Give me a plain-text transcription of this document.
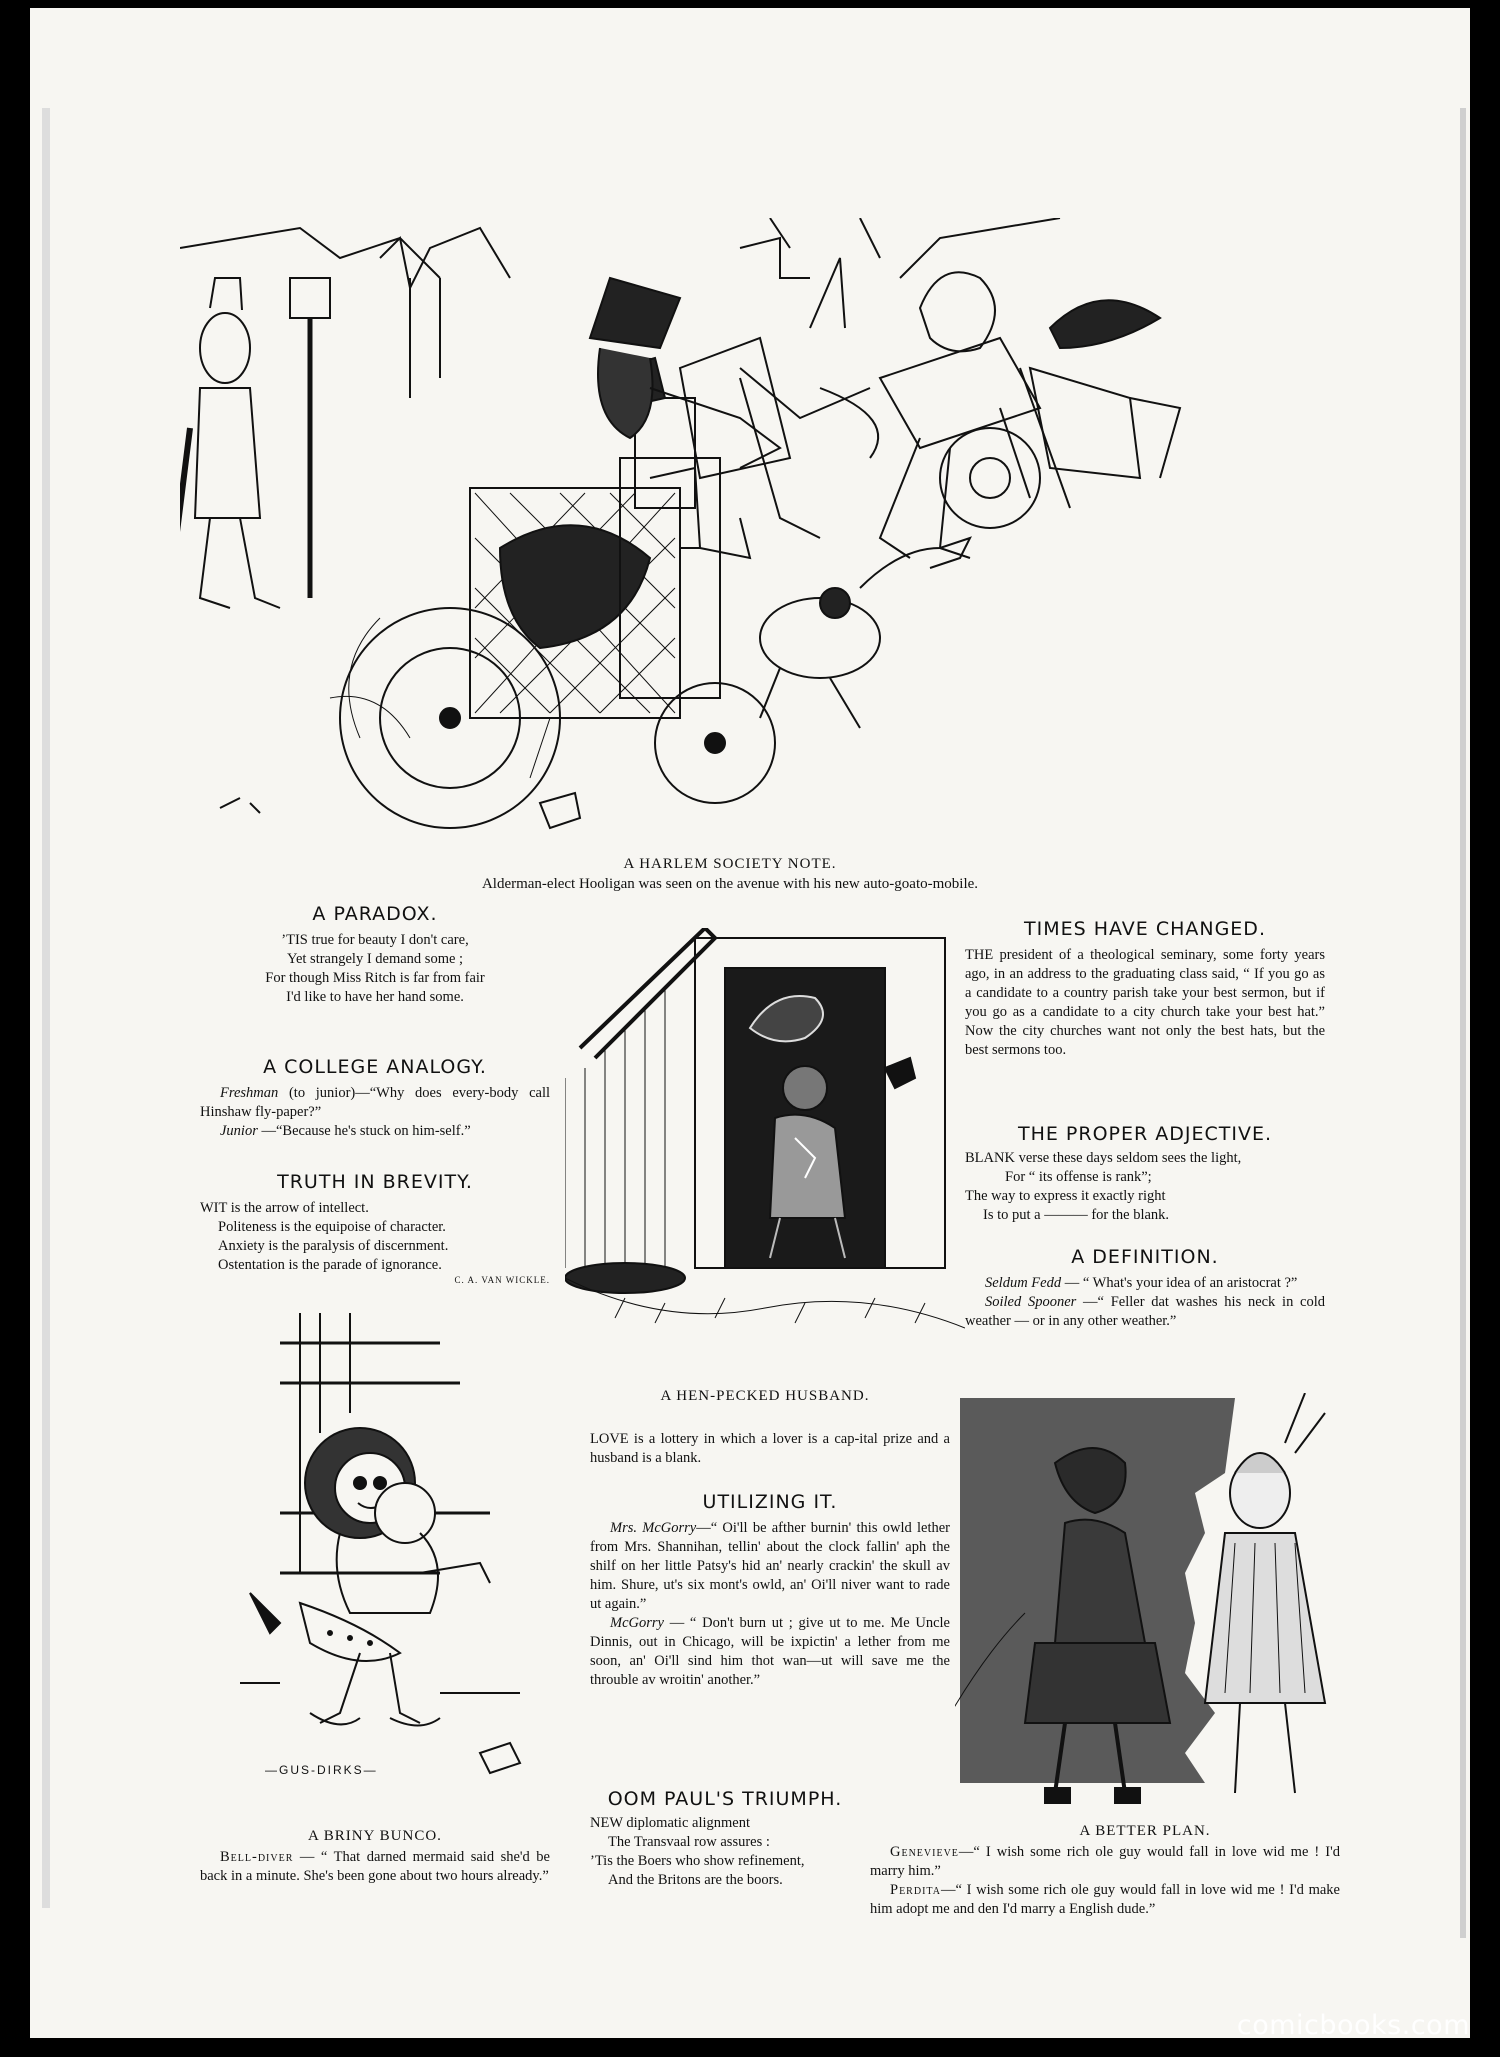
A HARLEM SOCIETY NOTE.
Alderman-elect Hooligan was seen on the avenue with his new auto-goato-mobile.
A PARADOX.
’TIS true for beauty I don't care,
Yet strangely I demand some ;
For though Miss Ritch is far from fair
I'd like to have her hand some.
A COLLEGE ANALOGY.
Freshman (to junior)—“Why does every-body call Hinshaw fly-paper?”
Junior —“Because he's stuck on him-self.”
TRUTH IN BREVITY.
WIT is the arrow of intellect.
Politeness is the equipoise of character.
Anxiety is the paralysis of discernment.
Ostentation is the parade of ignorance.
C. A. VAN WICKLE.
—GUS-DIRKS—
A BRINY BUNCO.
Bell-diver — “ That darned mermaid said she'd be back in a minute. She's been gone about two hours already.”
A HEN-PECKED HUSBAND.
LOVE is a lottery in which a lover is a cap-ital prize and a husband is a blank.
UTILIZING IT.
Mrs. McGorry—“ Oi'll be afther burnin' this owld lether from Mrs. Shannihan, tellin' about the clock fallin' aph the shilf on her little Patsy's hid an' nearly crackin' the skull av him. Shure, ut's six mont's owld, an' Oi'll niver want to rade ut again.”
McGorry — “ Don't burn ut ; give ut to me. Me Uncle Dinnis, out in Chicago, will be ixpictin' a lether from me soon, an' Oi'll sind him thot wan—ut will save me the throuble av wroitin' another.”
OOM PAUL'S TRIUMPH.
NEW diplomatic alignment
The Transvaal row assures :
’Tis the Boers who show refinement,
And the Britons are the boors.
TIMES HAVE CHANGED.
THE president of a theological seminary, some forty years ago, in an address to the graduating class said, “ If you go as a candidate to a country parish take your best sermon, but if you go as a candidate to a city church take your best hat.” Now the city churches want not only the best hats, but the best sermons too.
THE PROPER ADJECTIVE.
BLANK verse these days seldom sees the light,
For “ its offense is rank”;
The way to express it exactly right
Is to put a ——— for the blank.
A DEFINITION.
Seldum Fedd — “ What's your idea of an aristocrat ?”
Soiled Spooner —“ Feller dat washes his neck in cold weather — or in any other weather.”
A BETTER PLAN.
Genevieve—“ I wish some rich ole guy would fall in love wid me ! I'd marry him.”
Perdita—“ I wish some rich ole guy would fall in love wid me ! I'd make him adopt me and den I'd marry a English dude.”
comicbooks.com
